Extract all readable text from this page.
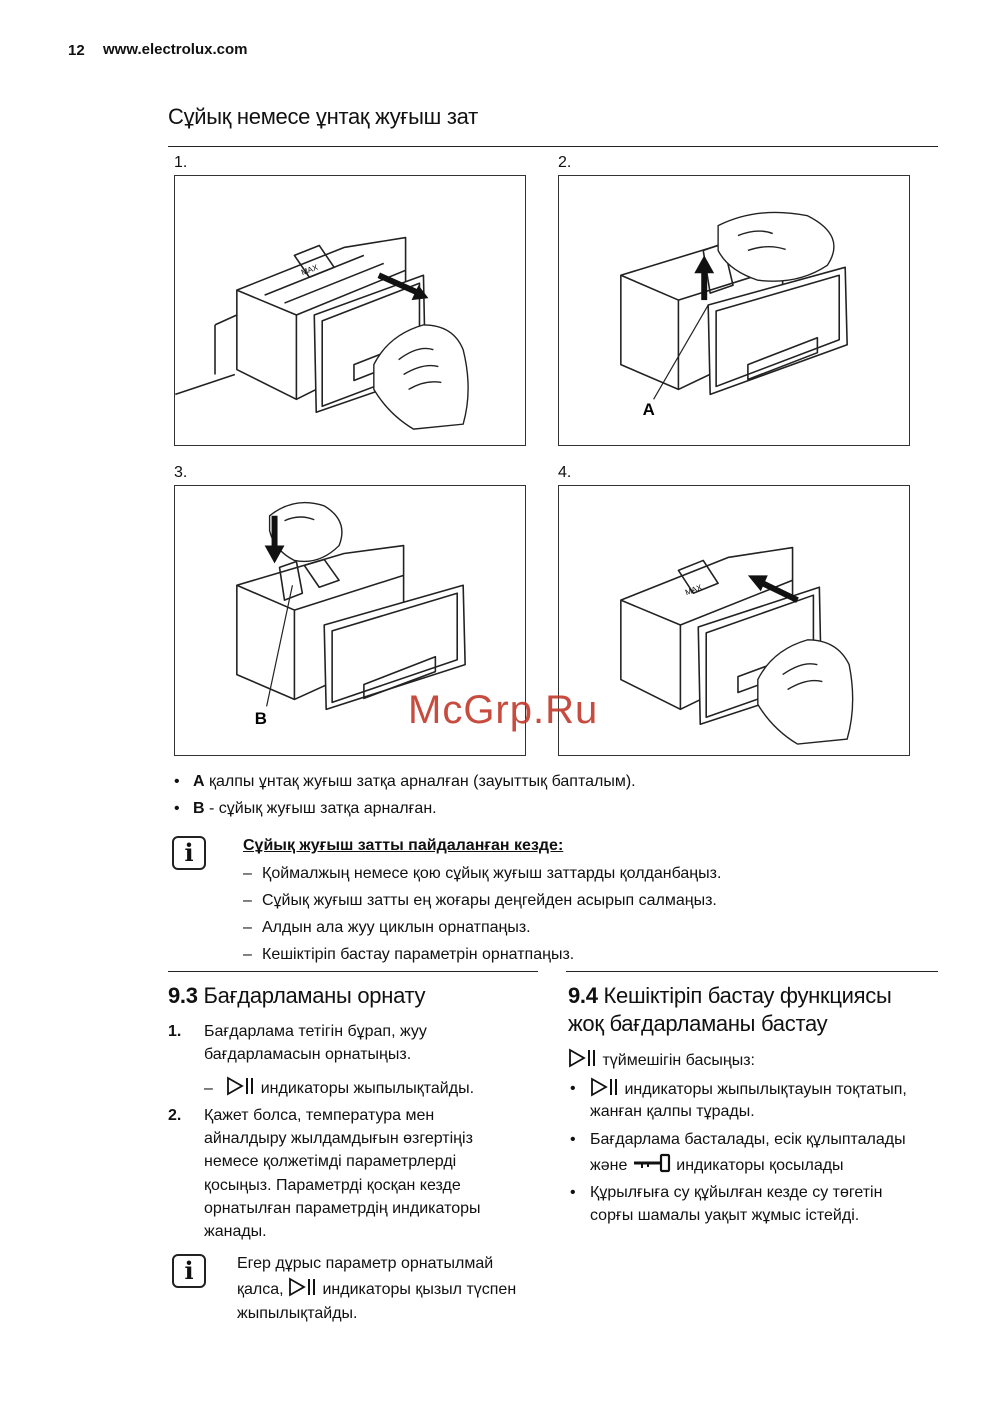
12 www.electrolux.com
Сұйық немесе ұнтақ жуғыш зат
1.	2.
3.	4.
MAX
A
B
MAX
McGrp.Ru
• A қалпы ұнтақ жуғыш затқа арналған (зауыттық бапталым).
• B - сұйық жуғыш затқа арналған.
i	Сұйық жуғыш затты пайдаланған кезде:
– Қоймалжың немесе қою сұйық жуғыш заттарды қолданбаңыз.
– Сұйық жуғыш затты ең жоғары деңгейден асырып салмаңыз.
– Алдын ала жуу циклын орнатпаңыз.
– Кешіктіріп бастау параметрін орнатпаңыз.
9.3 Бағдарламаны орнату
1. Бағдарлама тетігін бұрап, жуу бағдарламасын орнатыңыз.
–    индикаторы жыпылықтайды.
2. Қажет болса, температура мен айналдыру жылдамдығын өзгертіңіз немесе қолжетімді параметрлерді қосыңыз. Параметрді қосқан кезде орнатылған параметрдің индикаторы жанады.
i	Егер дұрыс параметр орнатылмай
қалса, индикаторы қызыл түспен
жыпылықтайды.
9.4 Кешіктіріп бастау функциясы
жоқ бағдарламаны бастау
түймешігін басыңыз:
•	индикаторы жыпылықтауын тоқтатып,
жанған қалпы тұрады.
• Бағдарлама басталады, есік құлыпталады
және	индикаторы қосылады
• Құрылғыға су құйылған кезде су төгетін
сорғы шамалы уақыт жұмыс істейді.
